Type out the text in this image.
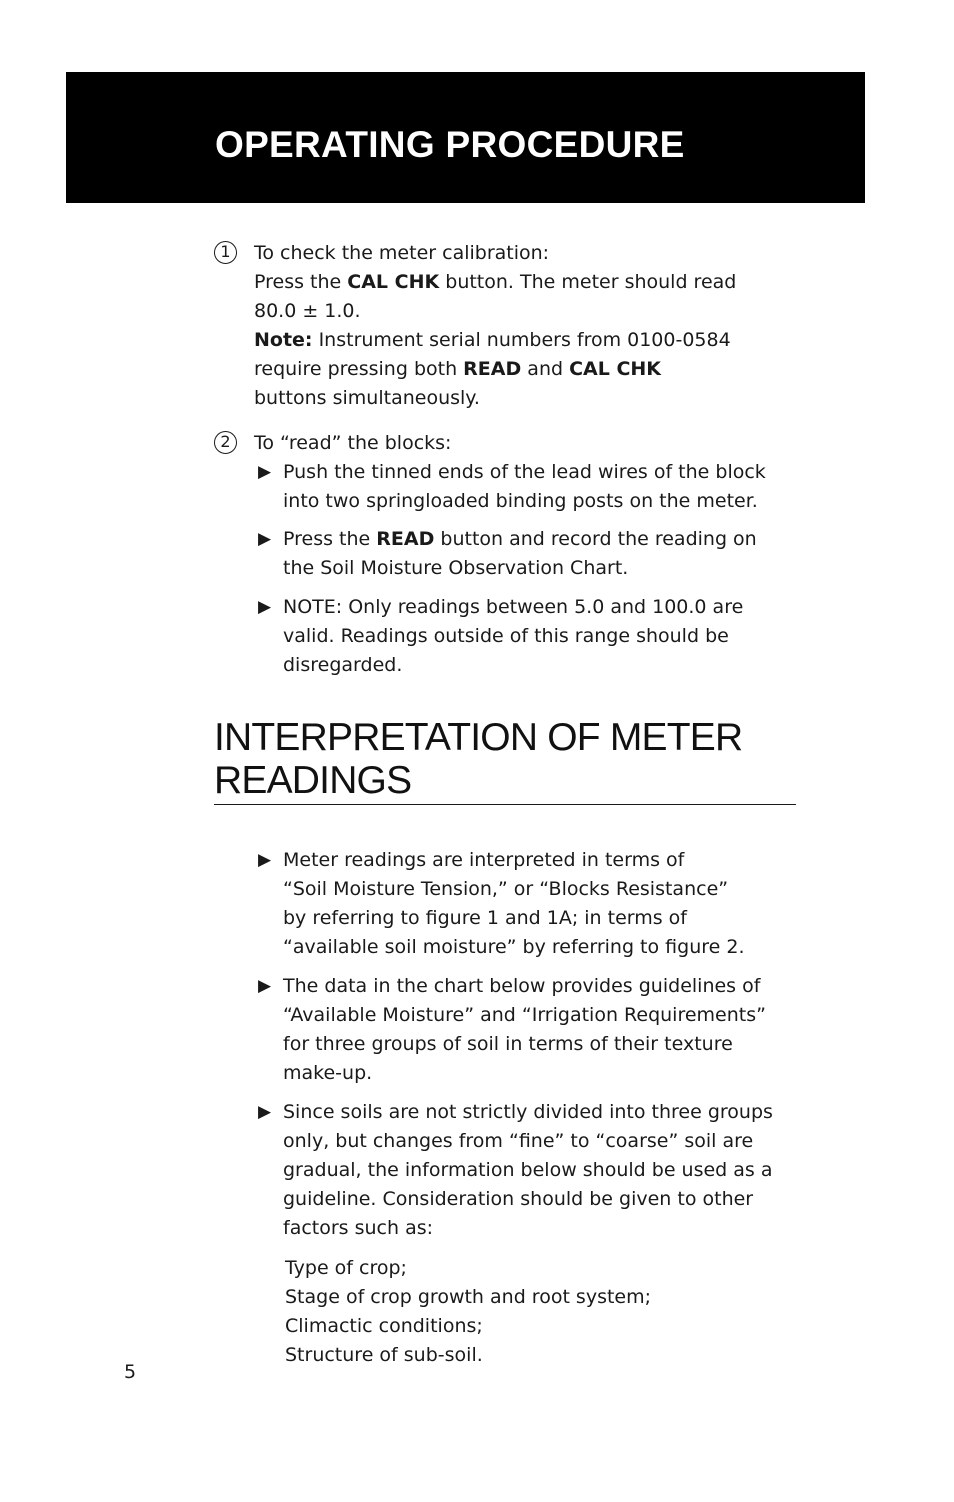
OPERATING PROCEDURE
1	To check the meter calibration:
Press the CAL CHK button. The meter should read
80.0 ± 1.0.
Note: Instrument serial numbers from 0100-0584
require pressing both READ and CAL CHK
buttons simultaneously.
2	To “read” the blocks:
▶ Push the tinned ends of the lead wires of the block
into two springloaded binding posts on the meter.
▶ Press the READ button and record the reading on
the Soil Moisture Observation Chart.
▶ NOTE: Only readings between 5.0 and 100.0 are
valid. Readings outside of this range should be
disregarded.
INTERPRETATION OF METER
READINGS
▶ Meter readings are interpreted in terms of
“Soil Moisture Tension,” or “Blocks Resistance”
by referring to figure 1 and 1A; in terms of
“available soil moisture” by referring to figure 2.
▶ The data in the chart below provides guidelines of
“Available Moisture” and “Irrigation Requirements”
for three groups of soil in terms of their texture
make-up.
▶ Since soils are not strictly divided into three groups
only, but changes from “fine” to “coarse” soil are
gradual, the information below should be used as a
guideline. Consideration should be given to other
factors such as:
Type of crop;
Stage of crop growth and root system;
Climactic conditions;
Structure of sub-soil.
5
